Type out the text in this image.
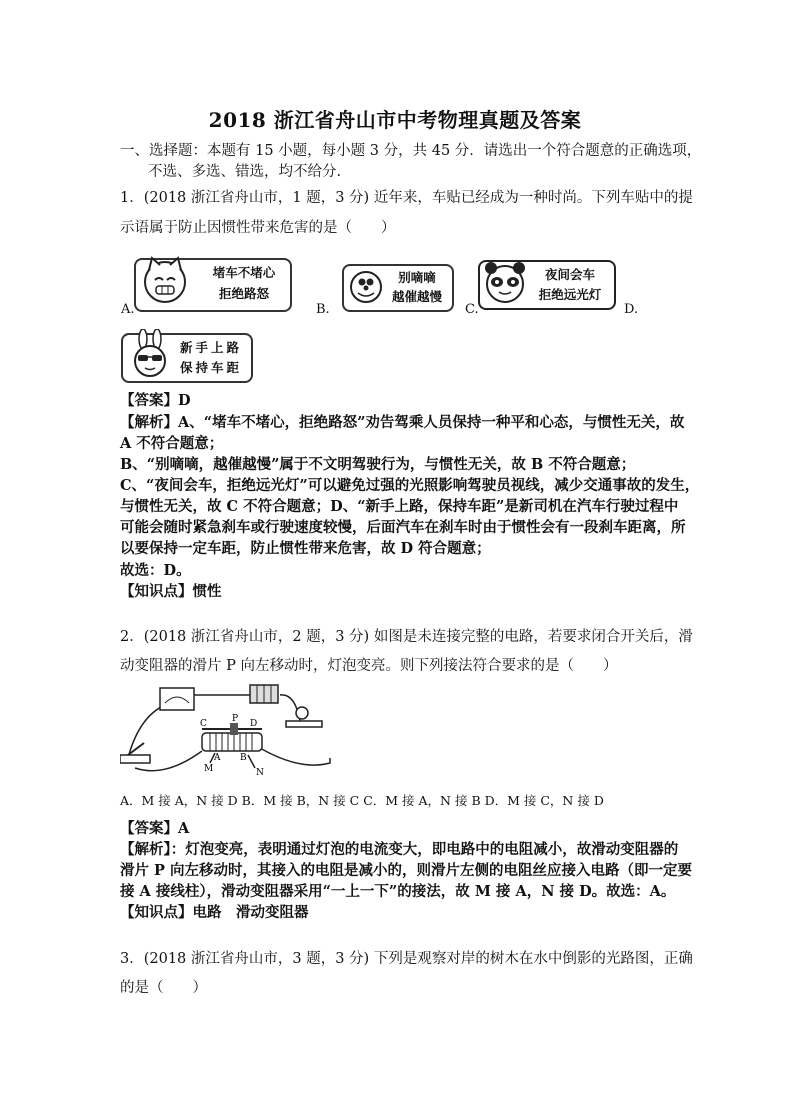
2018 浙江省舟山市中考物理真题及答案
一、选择题：本题有 15 小题，每小题 3 分，共 45 分．请选出一个符合题意的正确选项，
不选、多选、错选，均不给分.
1．(2018 浙江省舟山市，1 题，3 分) 近年来，车贴已经成为一种时尚。下列车贴中的提
示语属于防止因惯性带来危害的是（　　）
堵车不堵心
拒绝路怒
A.
别嘀嘀
越催越慢
B.
夜间会车
拒绝远光灯
C.	D.
新手上路
保持车距
【答案】D
【解析】A、“堵车不堵心，拒绝路怒”劝告驾乘人员保持一种平和心态，与惯性无关，故
A 不符合题意；
B、“别嘀嘀，越催越慢”属于不文明驾驶行为，与惯性无关，故 B 不符合题意；
C、“夜间会车，拒绝远光灯”可以避免过强的光照影响驾驶员视线，减少交通事故的发生，
与惯性无关，故 C 不符合题意；D、“新手上路，保持车距”是新司机在汽车行驶过程中
可能会随时紧急刹车或行驶速度较慢，后面汽车在刹车时由于惯性会有一段刹车距离，所
以要保持一定车距，防止惯性带来危害，故 D 符合题意；
故选：D。
【知识点】惯性
2．(2018 浙江省舟山市，2 题，3 分) 如图是未连接完整的电路，若要求闭合开关后，滑
动变阻器的滑片 P 向左移动时，灯泡变亮。则下列接法符合要求的是（　　）
C	P D
A B
M	N
A．M 接 A，N 接 D B．M 接 B，N 接 C C．M 接 A，N 接 B D．M 接 C，N 接 D
【答案】A
【解析】：灯泡变亮，表明通过灯泡的电流变大，即电路中的电阻减小，故滑动变阻器的
滑片 P 向左移动时，其接入的电阻是减小的，则滑片左侧的电阻丝应接入电路（即一定要
接 A 接线柱），滑动变阻器采用“一上一下”的接法，故 M 接 A，N 接 D。故选：A。
【知识点】电路　滑动变阻器
3．(2018 浙江省舟山市，3 题，3 分) 下列是观察对岸的树木在水中倒影的光路图，正确
的是（　　）
